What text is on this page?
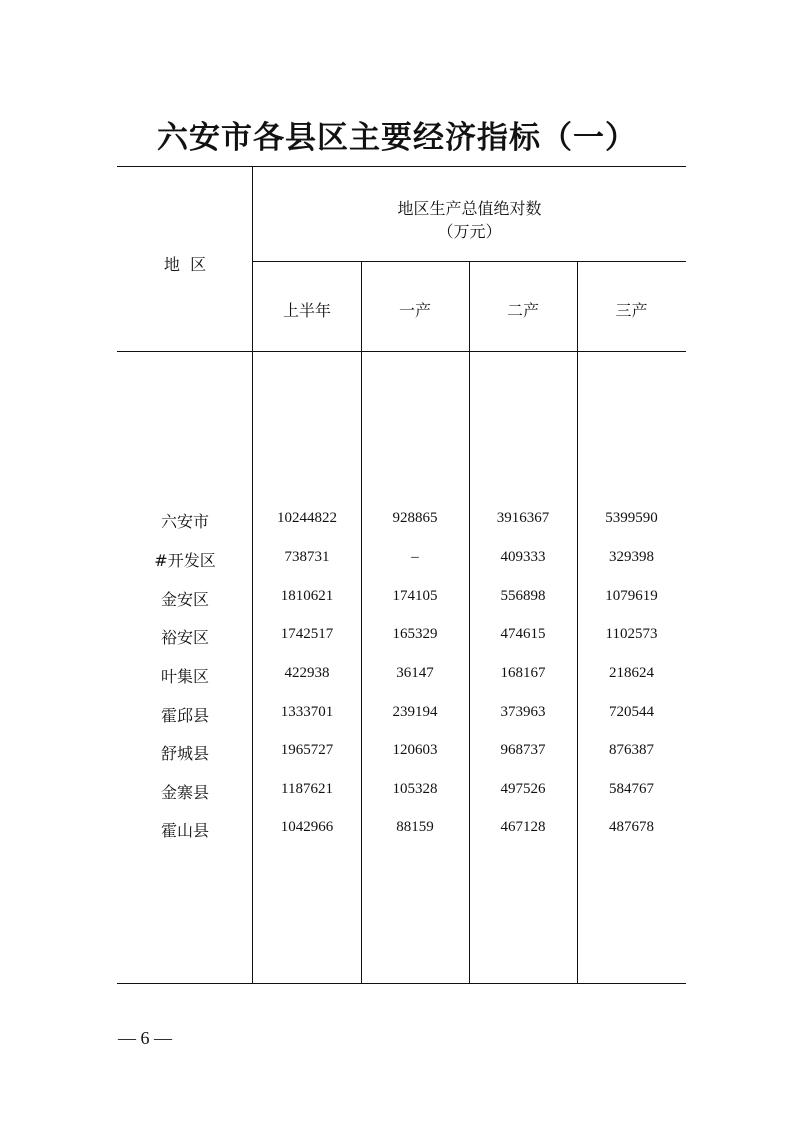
六安市各县区主要经济指标（一）
地  区
地区生产总值绝对数
（万元）
上半年	一产	二产	三产
六安市	10244822	928865	3916367	5399590
#开发区	738731	–	409333	329398
金安区	1810621	174105	556898	1079619
裕安区	1742517	165329	474615	1102573
叶集区	422938	36147	168167	218624
霍邱县	1333701	239194	373963	720544
舒城县	1965727	120603	968737	876387
金寨县	1187621	105328	497526	584767
霍山县	1042966	88159	467128	487678
— 6 —
